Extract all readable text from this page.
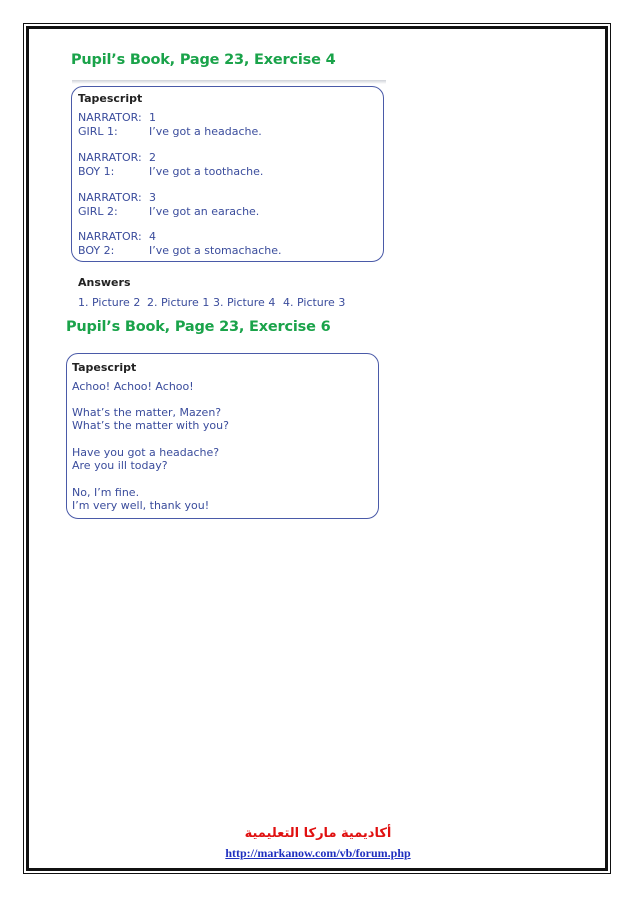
Pupil’s Book, Page 23, Exercise 4
Tapescript
NARRATOR: 1
GIRL 1:	I’ve got a headache.
NARRATOR: 2
BOY 1:	I’ve got a toothache.
NARRATOR: 3
GIRL 2:	I’ve got an earache.
NARRATOR: 4
BOY 2:	I’ve got a stomachache.
Answers
1. Picture 2 2. Picture 1 3. Picture 4 4. Picture 3
Pupil’s Book, Page 23, Exercise 6
Tapescript
Achoo! Achoo! Achoo!
What’s the matter, Mazen?
What’s the matter with you?
Have you got a headache?
Are you ill today?
No, I’m fine.
I’m very well, thank you!
أكاديمية ماركا التعليمية
http://markanow.com/vb/forum.php
